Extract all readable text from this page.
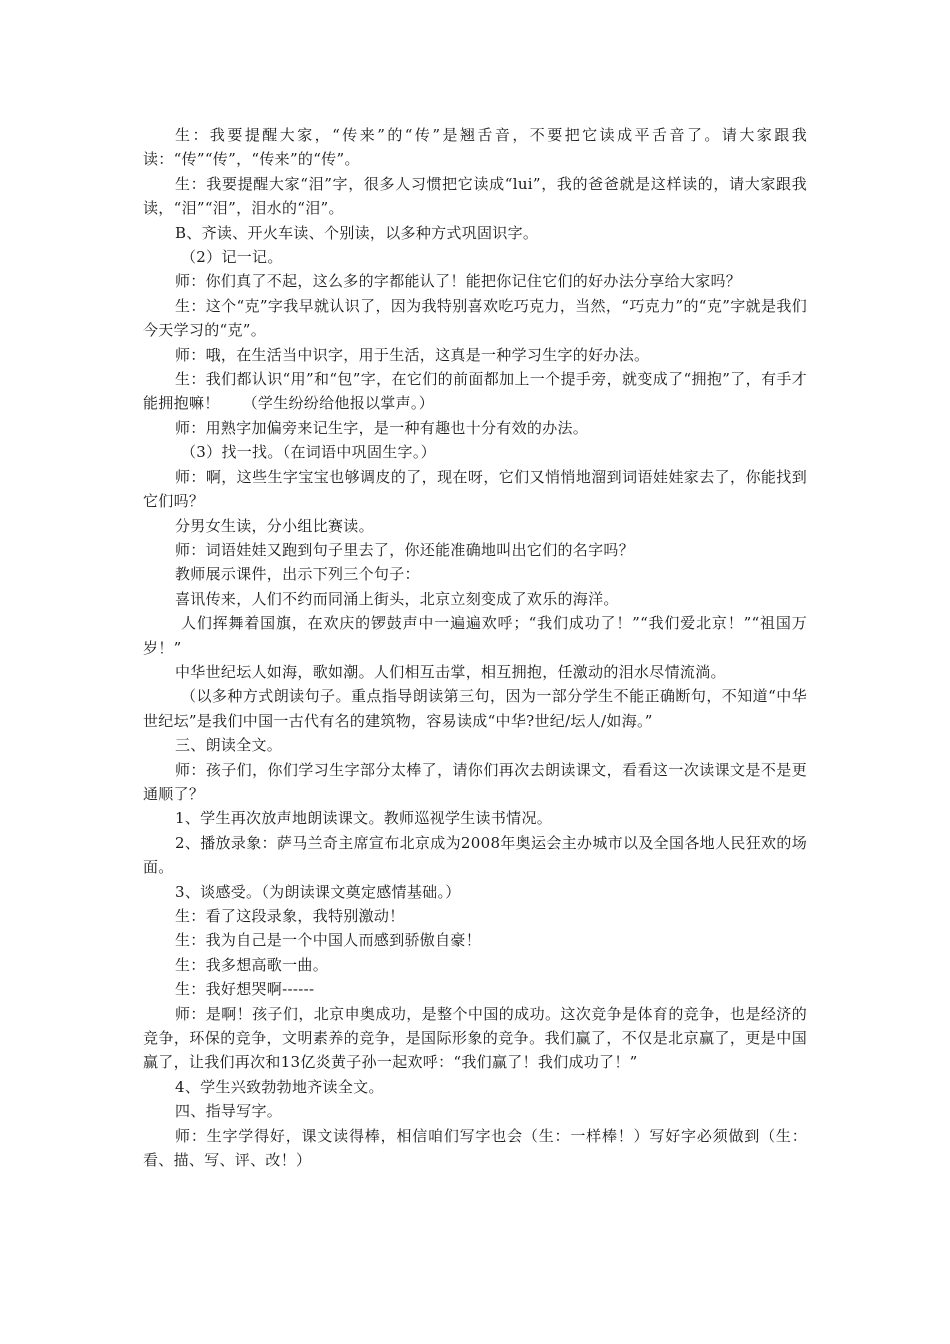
生：我要提醒大家，“传来”的“传”是翘舌音，不要把它读成平舌音了。请大家跟我读：“传”“传”，“传来”的“传”。

生：我要提醒大家“泪”字，很多人习惯把它读成“lui”，我的爸爸就是这样读的，请大家跟我读，“泪”“泪”，泪水的“泪”。

B、齐读、开火车读、个别读，以多种方式巩固识字。

（2）记一记。

师：你们真了不起，这么多的字都能认了！能把你记住它们的好办法分享给大家吗？

生：这个“克”字我早就认识了，因为我特别喜欢吃巧克力，当然，“巧克力”的“克”字就是我们今天学习的“克”。

师：哦，在生活当中识字，用于生活，这真是一种学习生字的好办法。

生：我们都认识“用”和“包”字，在它们的前面都加上一个提手旁，就变成了“拥抱”了，有手才能拥抱嘛！　　（学生纷纷给他报以掌声。）

师：用熟字加偏旁来记生字，是一种有趣也十分有效的办法。

（3）找一找。（在词语中巩固生字。）

师：啊，这些生字宝宝也够调皮的了，现在呀，它们又悄悄地溜到词语娃娃家去了，你能找到它们吗？

分男女生读，分小组比赛读。

师：词语娃娃又跑到句子里去了，你还能准确地叫出它们的名字吗？

教师展示课件，出示下列三个句子：

喜讯传来，人们不约而同涌上街头，北京立刻变成了欢乐的海洋。

人们挥舞着国旗，在欢庆的锣鼓声中一遍遍欢呼；“我们成功了！”“我们爱北京！”“祖国万岁！”

中华世纪坛人如海，歌如潮。人们相互击掌，相互拥抱，任激动的泪水尽情流淌。

（以多种方式朗读句子。重点指导朗读第三句，因为一部分学生不能正确断句，不知道“中华世纪坛”是我们中国一古代有名的建筑物，容易读成“中华?世纪/坛人/如海。”

三、朗读全文。

师：孩子们，你们学习生字部分太棒了，请你们再次去朗读课文，看看这一次读课文是不是更通顺了？

1、学生再次放声地朗读课文。教师巡视学生读书情况。

2、播放录象：萨马兰奇主席宣布北京成为2008年奥运会主办城市以及全国各地人民狂欢的场面。

3、谈感受。（为朗读课文奠定感情基础。）

生：看了这段录象，我特别激动！

生：我为自己是一个中国人而感到骄傲自豪！

生：我多想高歌一曲。

生：我好想哭啊------

师：是啊！孩子们，北京申奥成功，是整个中国的成功。这次竞争是体育的竞争，也是经济的竞争，环保的竞争，文明素养的竞争，是国际形象的竞争。我们赢了，不仅是北京赢了，更是中国赢了，让我们再次和13亿炎黄子孙一起欢呼：“我们赢了！我们成功了！”

4、学生兴致勃勃地齐读全文。

四、指导写字。

师：生字学得好，课文读得棒，相信咱们写字也会（生：一样棒！）写好字必须做到（生：看、描、写、评、改！）
